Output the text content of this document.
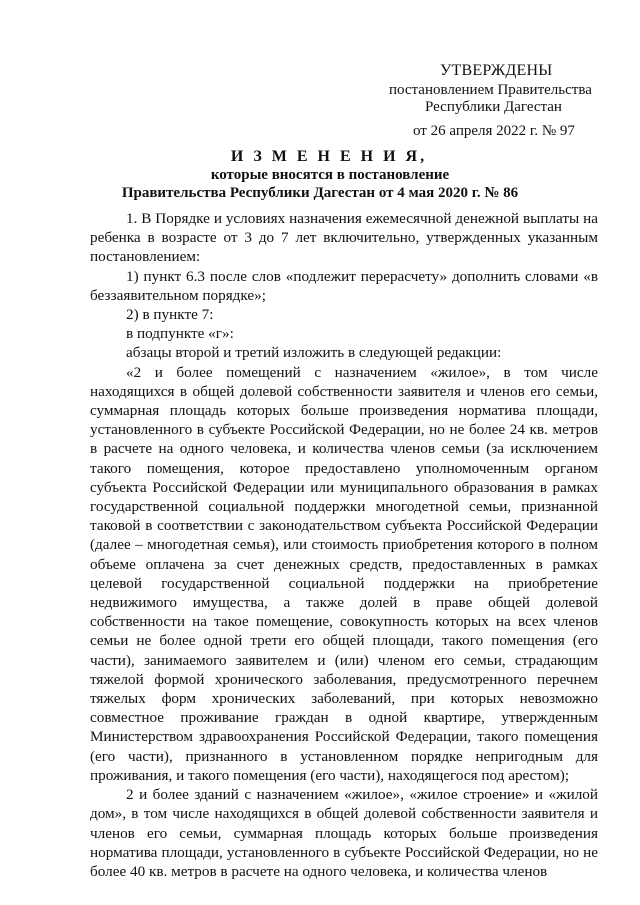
УТВЕРЖДЕНЫ
постановлением Правительства
Республики Дагестан
от 26 апреля 2022 г. № 97
И З М Е Н Е Н И Я,
которые вносятся в постановление
Правительства Республики Дагестан от 4 мая 2020 г. № 86

1. В Порядке и условиях назначения ежемесячной денежной выплаты на ребенка в возрасте от 3 до 7 лет включительно, утвержденных указанным постановлением:

1) пункт 6.3 после слов «подлежит перерасчету» дополнить словами «в беззаявительном порядке»;

2) в пункте 7:

в подпункте «г»:

абзацы второй и третий изложить в следующей редакции:

«2 и более помещений с назначением «жилое», в том числе находящихся в общей долевой собственности заявителя и членов его семьи, суммарная площадь которых больше произведения норматива площади, установленного в субъекте Российской Федерации, но не более 24 кв. метров в расчете на одного человека, и количества членов семьи (за исключением такого помещения, которое предоставлено уполномоченным органом субъекта Российской Федерации или муниципального образования в рамках государственной социальной поддержки многодетной семьи, признанной таковой в соответствии с законодательством субъекта Российской Федерации (далее – многодетная семья), или стоимость приобретения которого в полном объеме оплачена за счет денежных средств, предоставленных в рамках целевой государственной социальной поддержки на приобретение недвижимого имущества, а также долей в праве общей долевой собственности на такое помещение, совокупность которых на всех членов семьи не более одной трети его общей площади, такого помещения (его части), занимаемого заявителем и (или) членом его семьи, страдающим тяжелой формой хронического заболевания, предусмотренного перечнем тяжелых форм хронических заболеваний, при которых невозможно совместное проживание граждан в одной квартире, утвержденным Министерством здравоохранения Российской Федерации, такого помещения (его части), признанного в установленном порядке непригодным для проживания, и такого помещения (его части), находящегося под арестом);

2 и более зданий с назначением «жилое», «жилое строение» и «жилой дом», в том числе находящихся в общей долевой собственности заявителя и членов его семьи, суммарная площадь которых больше произведения норматива площади, установленного в субъекте Российской Федерации, но не более 40 кв. метров в расчете на одного человека, и количества членов
